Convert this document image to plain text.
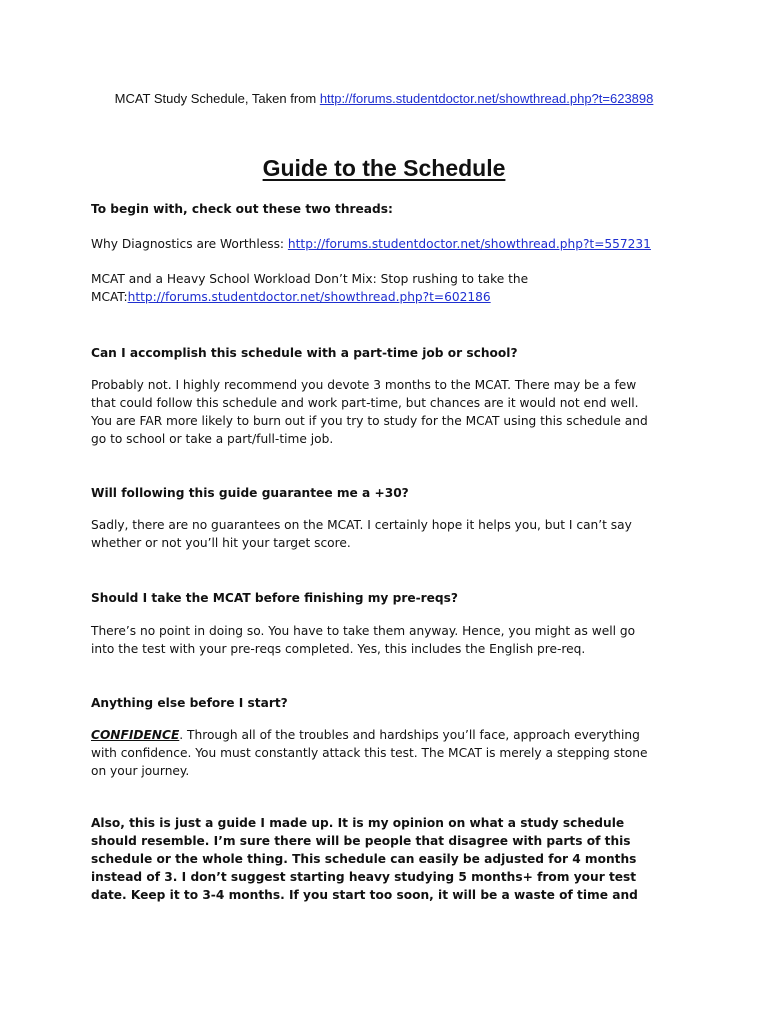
MCAT Study Schedule, Taken from http://forums.studentdoctor.net/showthread.php?t=623898
Guide to the Schedule
To begin with, check out these two threads:
Why Diagnostics are Worthless: http://forums.studentdoctor.net/showthread.php?t=557231
MCAT and a Heavy School Workload Don’t Mix: Stop rushing to take the
MCAT:http://forums.studentdoctor.net/showthread.php?t=602186
Can I accomplish this schedule with a part-time job or school?
Probably not. I highly recommend you devote 3 months to the MCAT. There may be a few
that could follow this schedule and work part-time, but chances are it would not end well.
You are FAR more likely to burn out if you try to study for the MCAT using this schedule and
go to school or take a part/full-time job.
Will following this guide guarantee me a +30?
Sadly, there are no guarantees on the MCAT. I certainly hope it helps you, but I can’t say
whether or not you’ll hit your target score.
Should I take the MCAT before finishing my pre-reqs?
There’s no point in doing so. You have to take them anyway. Hence, you might as well go
into the test with your pre-reqs completed. Yes, this includes the English pre-req.
Anything else before I start?
CONFIDENCE. Through all of the troubles and hardships you’ll face, approach everything
with confidence. You must constantly attack this test. The MCAT is merely a stepping stone
on your journey.
Also, this is just a guide I made up. It is my opinion on what a study schedule
should resemble. I’m sure there will be people that disagree with parts of this
schedule or the whole thing. This schedule can easily be adjusted for 4 months
instead of 3. I don’t suggest starting heavy studying 5 months+ from your test
date. Keep it to 3-4 months. If you start too soon, it will be a waste of time and
